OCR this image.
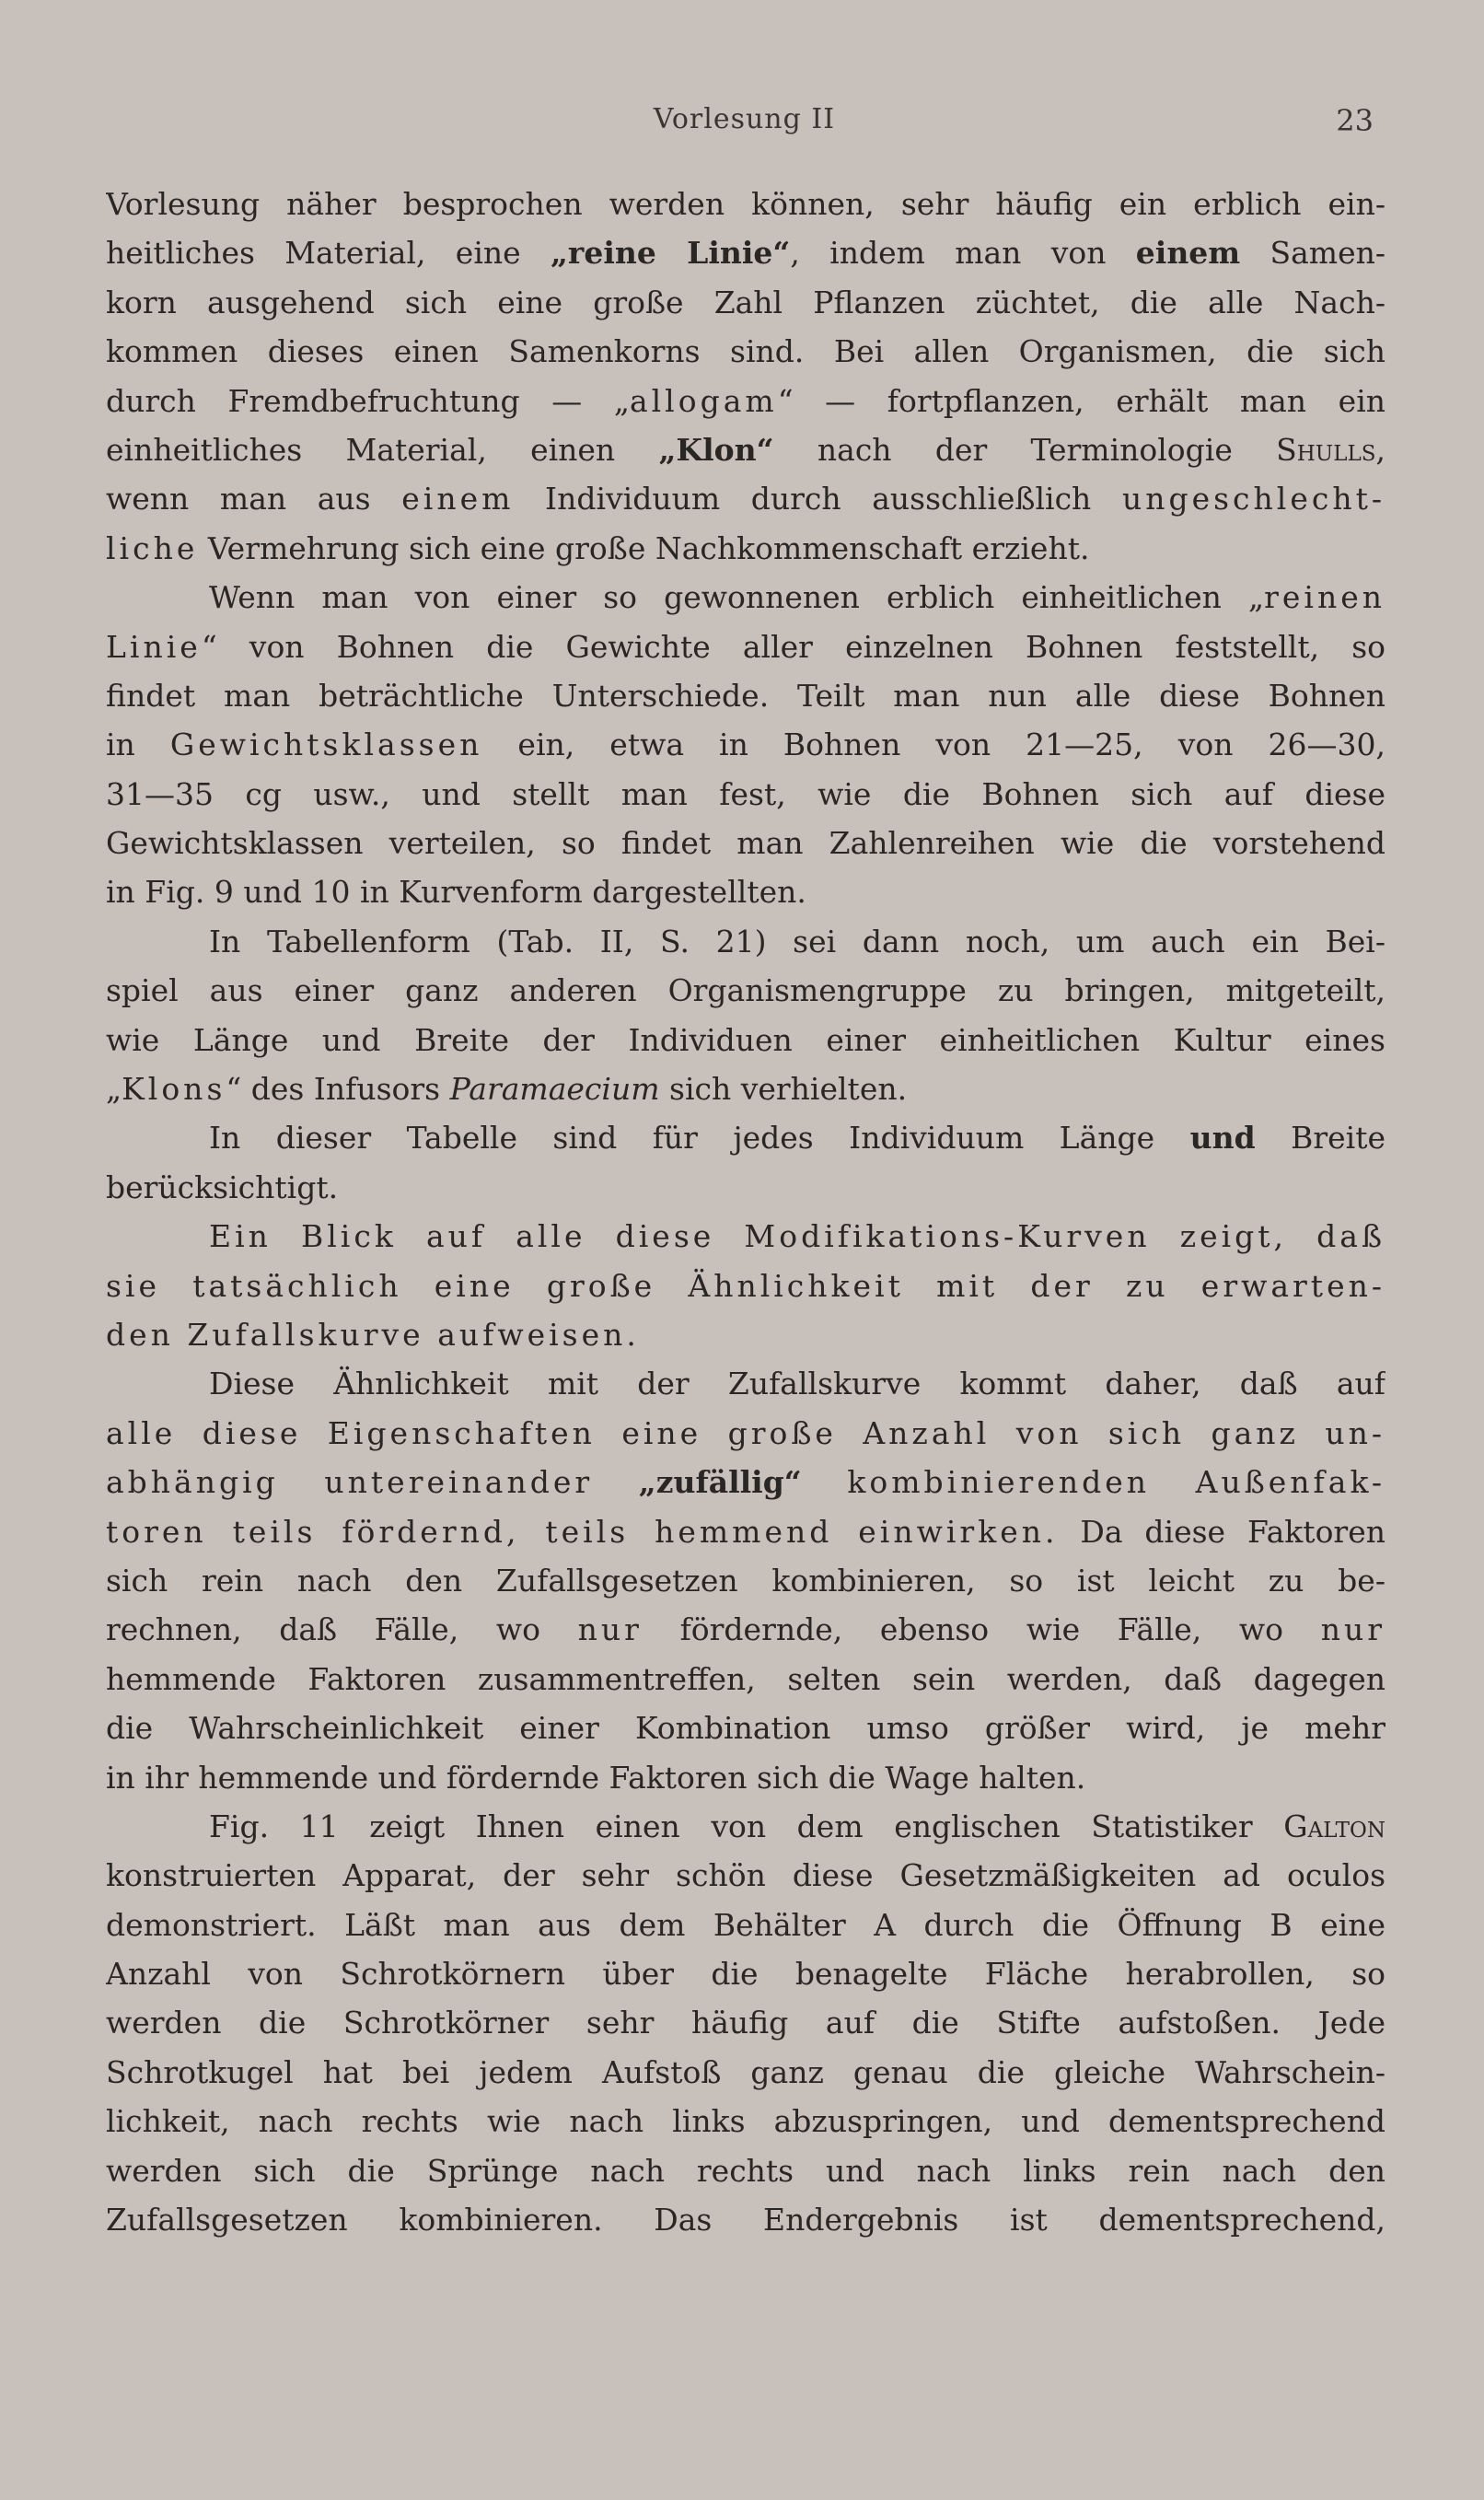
Vorlesung II	23
Vorlesung näher besprochen werden können, sehr häufig ein erblich ein-
heitliches Material, eine „reine Linie“, indem man von einem Samen-
korn ausgehend sich eine große Zahl Pflanzen züchtet, die alle Nach-
kommen dieses einen Samenkorns sind. Bei allen Organismen, die sich
durch Fremdbefruchtung — „allogam“ — fortpflanzen, erhält man ein
einheitliches Material, einen „Klon“ nach der Terminologie Shulls,
wenn man aus einem Individuum durch ausschließlich ungeschlecht-
liche Vermehrung sich eine große Nachkommenschaft erzieht.
Wenn man von einer so gewonnenen erblich einheitlichen „reinen
Linie“ von Bohnen die Gewichte aller einzelnen Bohnen feststellt, so
findet man beträchtliche Unterschiede. Teilt man nun alle diese Bohnen
in Gewichtsklassen ein, etwa in Bohnen von 21—25, von 26—30,
31—35 cg usw., und stellt man fest, wie die Bohnen sich auf diese
Gewichtsklassen verteilen, so findet man Zahlenreihen wie die vorstehend
in Fig. 9 und 10 in Kurvenform dargestellten.
In Tabellenform (Tab. II, S. 21) sei dann noch, um auch ein Bei-
spiel aus einer ganz anderen Organismengruppe zu bringen, mitgeteilt,
wie Länge und Breite der Individuen einer einheitlichen Kultur eines
„Klons“ des Infusors Paramaecium sich verhielten.
In dieser Tabelle sind für jedes Individuum Länge und Breite
berücksichtigt.
Ein Blick auf alle diese Modifikations-Kurven zeigt, daß
sie tatsächlich eine große Ähnlichkeit mit der zu erwarten-
den Zufallskurve aufweisen.
Diese Ähnlichkeit mit der Zufallskurve kommt daher, daß auf
alle diese Eigenschaften eine große Anzahl von sich ganz un-
abhängig untereinander „zufällig“ kombinierenden Außenfak-
toren teils fördernd, teils hemmend einwirken. Da diese Faktoren
sich rein nach den Zufallsgesetzen kombinieren, so ist leicht zu be-
rechnen, daß Fälle, wo nur fördernde, ebenso wie Fälle, wo nur
hemmende Faktoren zusammentreffen, selten sein werden, daß dagegen
die Wahrscheinlichkeit einer Kombination umso größer wird, je mehr
in ihr hemmende und fördernde Faktoren sich die Wage halten.
Fig. 11 zeigt Ihnen einen von dem englischen Statistiker Galton
konstruierten Apparat, der sehr schön diese Gesetzmäßigkeiten ad oculos
demonstriert. Läßt man aus dem Behälter A durch die Öffnung B eine
Anzahl von Schrotkörnern über die benagelte Fläche herabrollen, so
werden die Schrotkörner sehr häufig auf die Stifte aufstoßen. Jede
Schrotkugel hat bei jedem Aufstoß ganz genau die gleiche Wahrschein-
lichkeit, nach rechts wie nach links abzuspringen, und dementsprechend
werden sich die Sprünge nach rechts und nach links rein nach den
Zufallsgesetzen kombinieren. Das Endergebnis ist dementsprechend,
